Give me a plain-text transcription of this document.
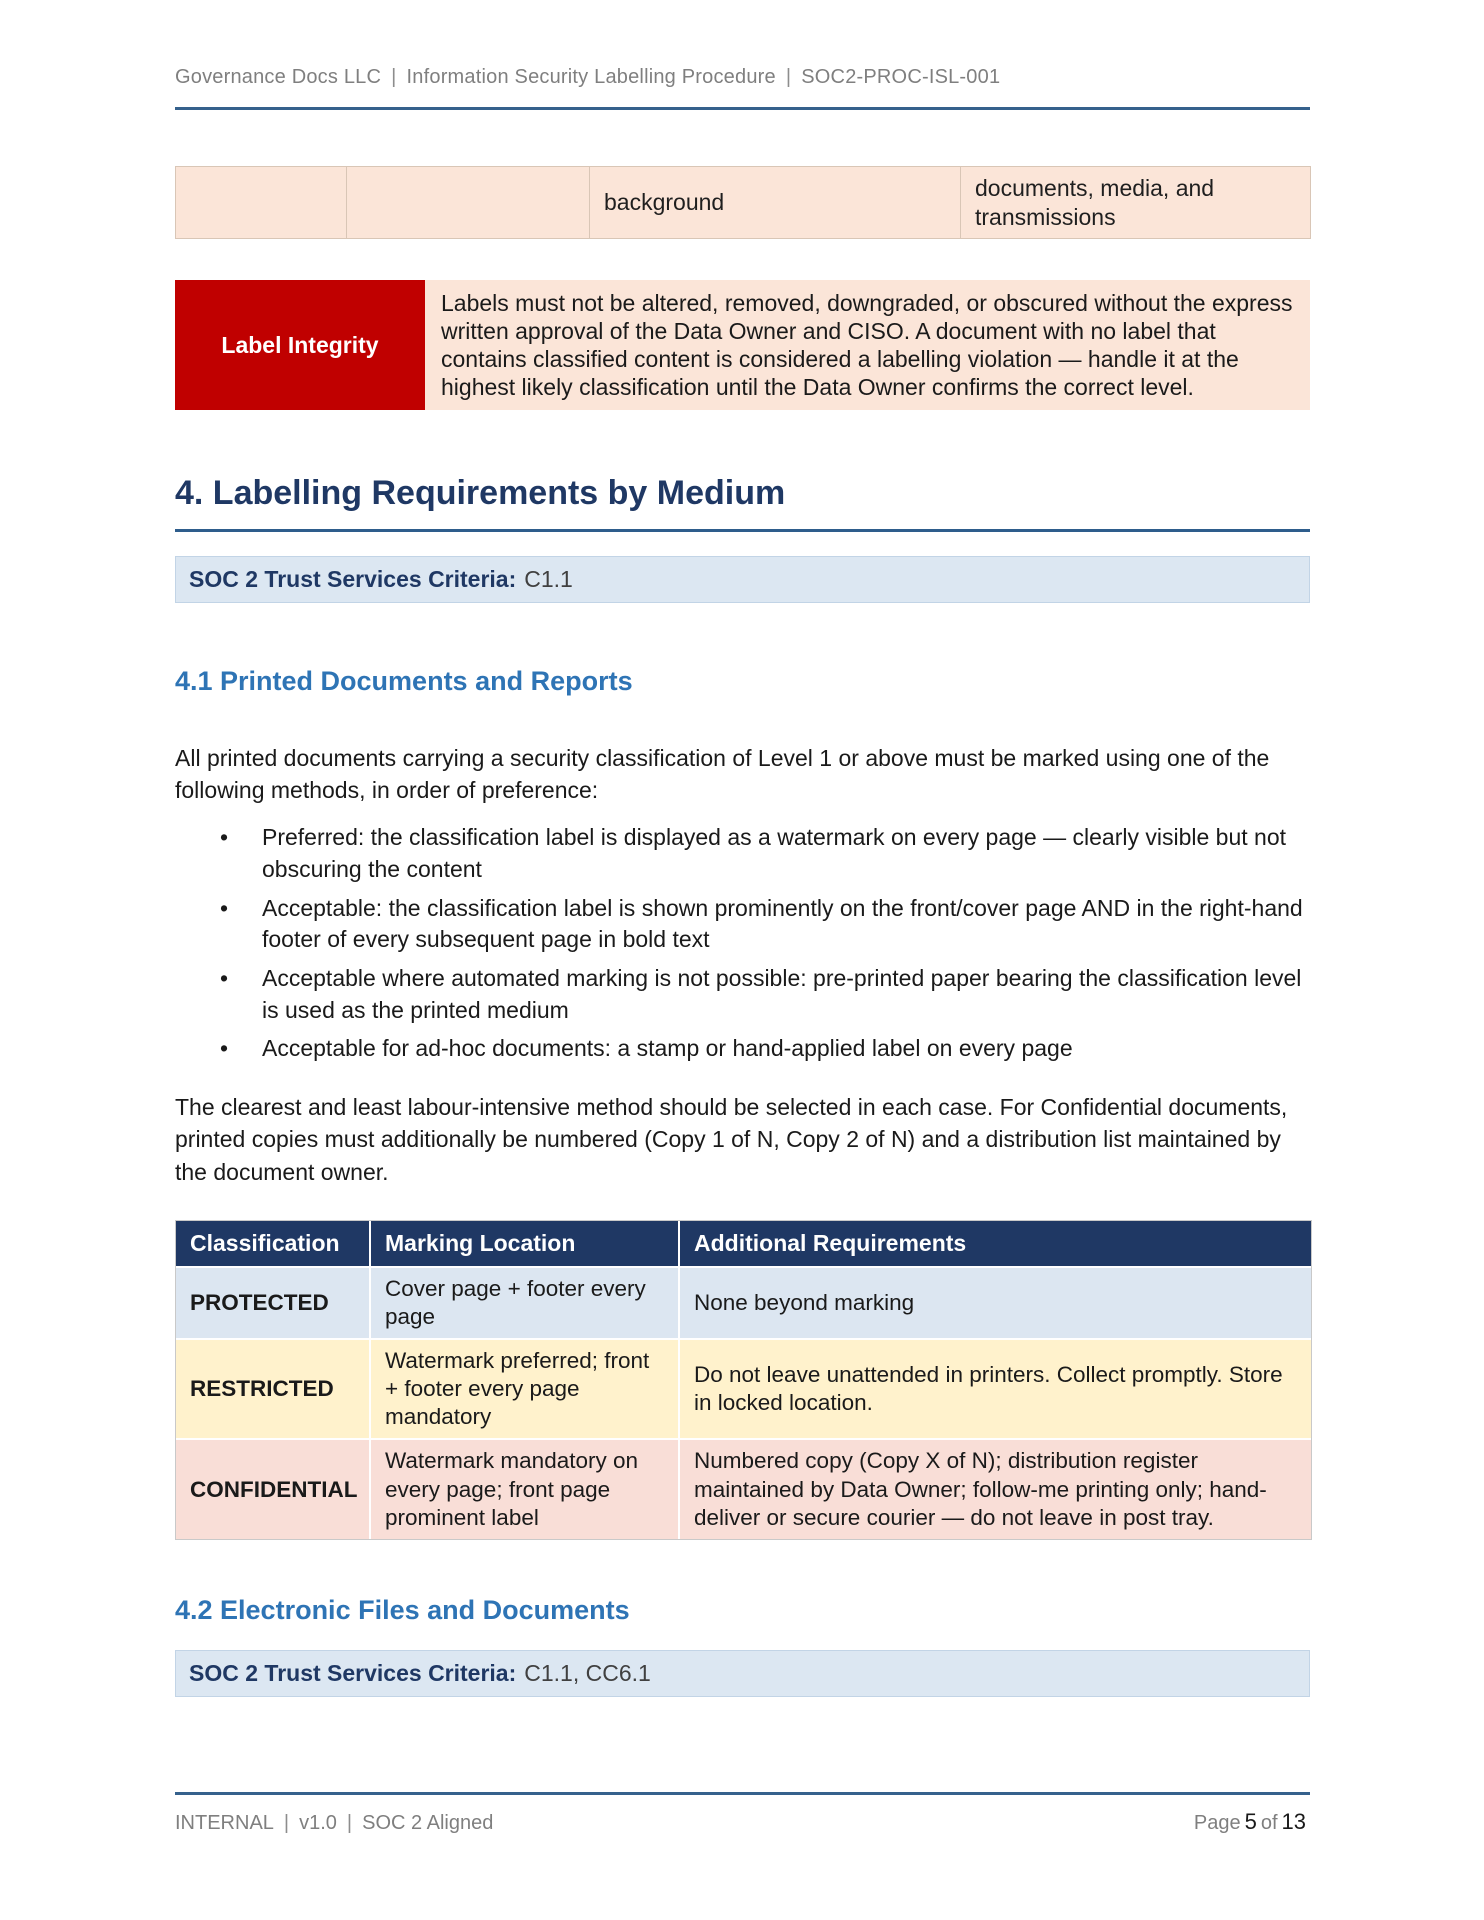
Governance Docs LLC | Information Security Labelling Procedure | SOC2-PROC-ISL-001
		background	documents, media, and transmissions
Label Integrity
Labels must not be altered, removed, downgraded, or obscured without the express written approval of the Data Owner and CISO. A document with no label that contains classified content is considered a labelling violation — handle it at the highest likely classification until the Data Owner confirms the correct level.
4. Labelling Requirements by Medium
SOC 2 Trust Services Criteria: C1.1
4.1 Printed Documents and Reports

All printed documents carrying a security classification of Level 1 or above must be marked using one of the following methods, in order of preference:

• Preferred: the classification label is displayed as a watermark on every page — clearly visible but not obscuring the content
• Acceptable: the classification label is shown prominently on the front/cover page AND in the right-hand footer of every subsequent page in bold text
• Acceptable where automated marking is not possible: pre-printed paper bearing the classification level is used as the printed medium
• Acceptable for ad-hoc documents: a stamp or hand-applied label on every page

The clearest and least labour-intensive method should be selected in each case. For Confidential documents, printed copies must additionally be numbered (Copy 1 of N, Copy 2 of N) and a distribution list maintained by the document owner.

Classification	Marking Location	Additional Requirements
PROTECTED	Cover page + footer every page	None beyond marking
RESTRICTED	Watermark preferred; front + footer every page mandatory	Do not leave unattended in printers. Collect promptly. Store in locked location.
CONFIDENTIAL	Watermark mandatory on every page; front page prominent label	Numbered copy (Copy X of N); distribution register maintained by Data Owner; follow-me printing only; hand-deliver or secure courier — do not leave in post tray.
4.2 Electronic Files and Documents
SOC 2 Trust Services Criteria: C1.1, CC6.1
INTERNAL | v1.0 | SOC 2 Aligned	Page 5 of 13
